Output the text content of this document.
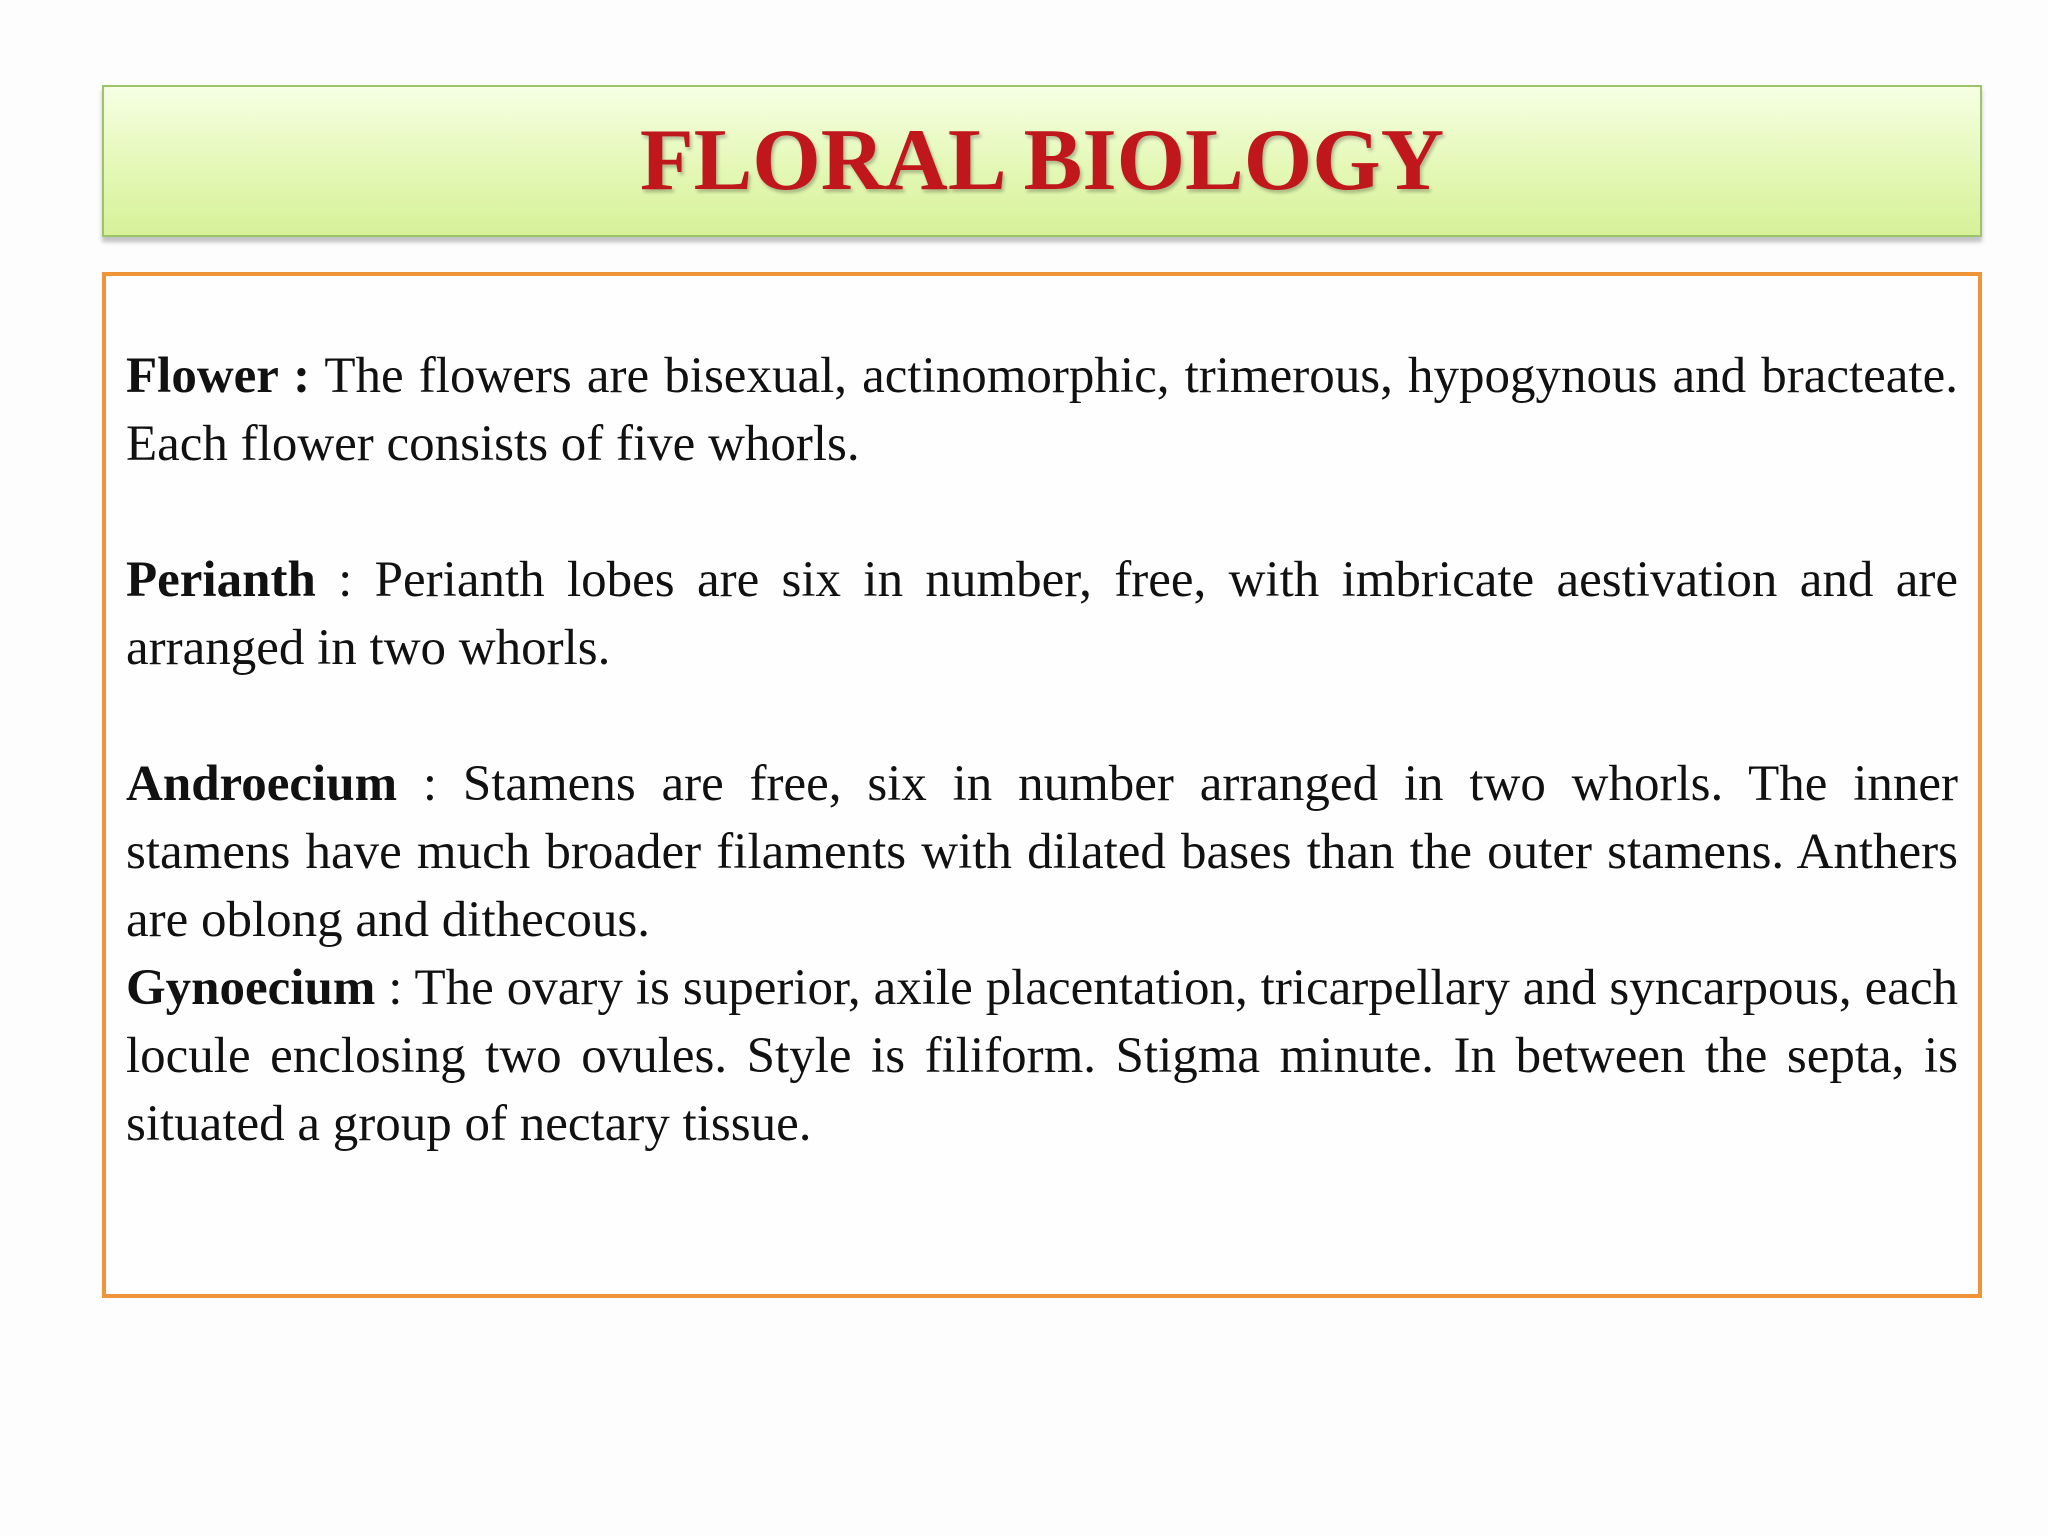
FLORAL BIOLOGY

Flower : The flowers are bisexual, actinomorphic, trimerous, hypogynous and bracteate. Each flower consists of five whorls.

Perianth : Perianth lobes are six in number, free, with imbricate aestivation and are arranged in two whorls.

Androecium : Stamens are free, six in number arranged in two whorls. The inner stamens have much broader filaments with dilated bases than the outer stamens. Anthers are oblong and dithecous.

Gynoecium : The ovary is superior, axile placentation, tricarpellary and syncarpous, each locule enclosing two ovules. Style is filiform. Stigma minute. In between the septa, is situated a group of nectary tissue.
